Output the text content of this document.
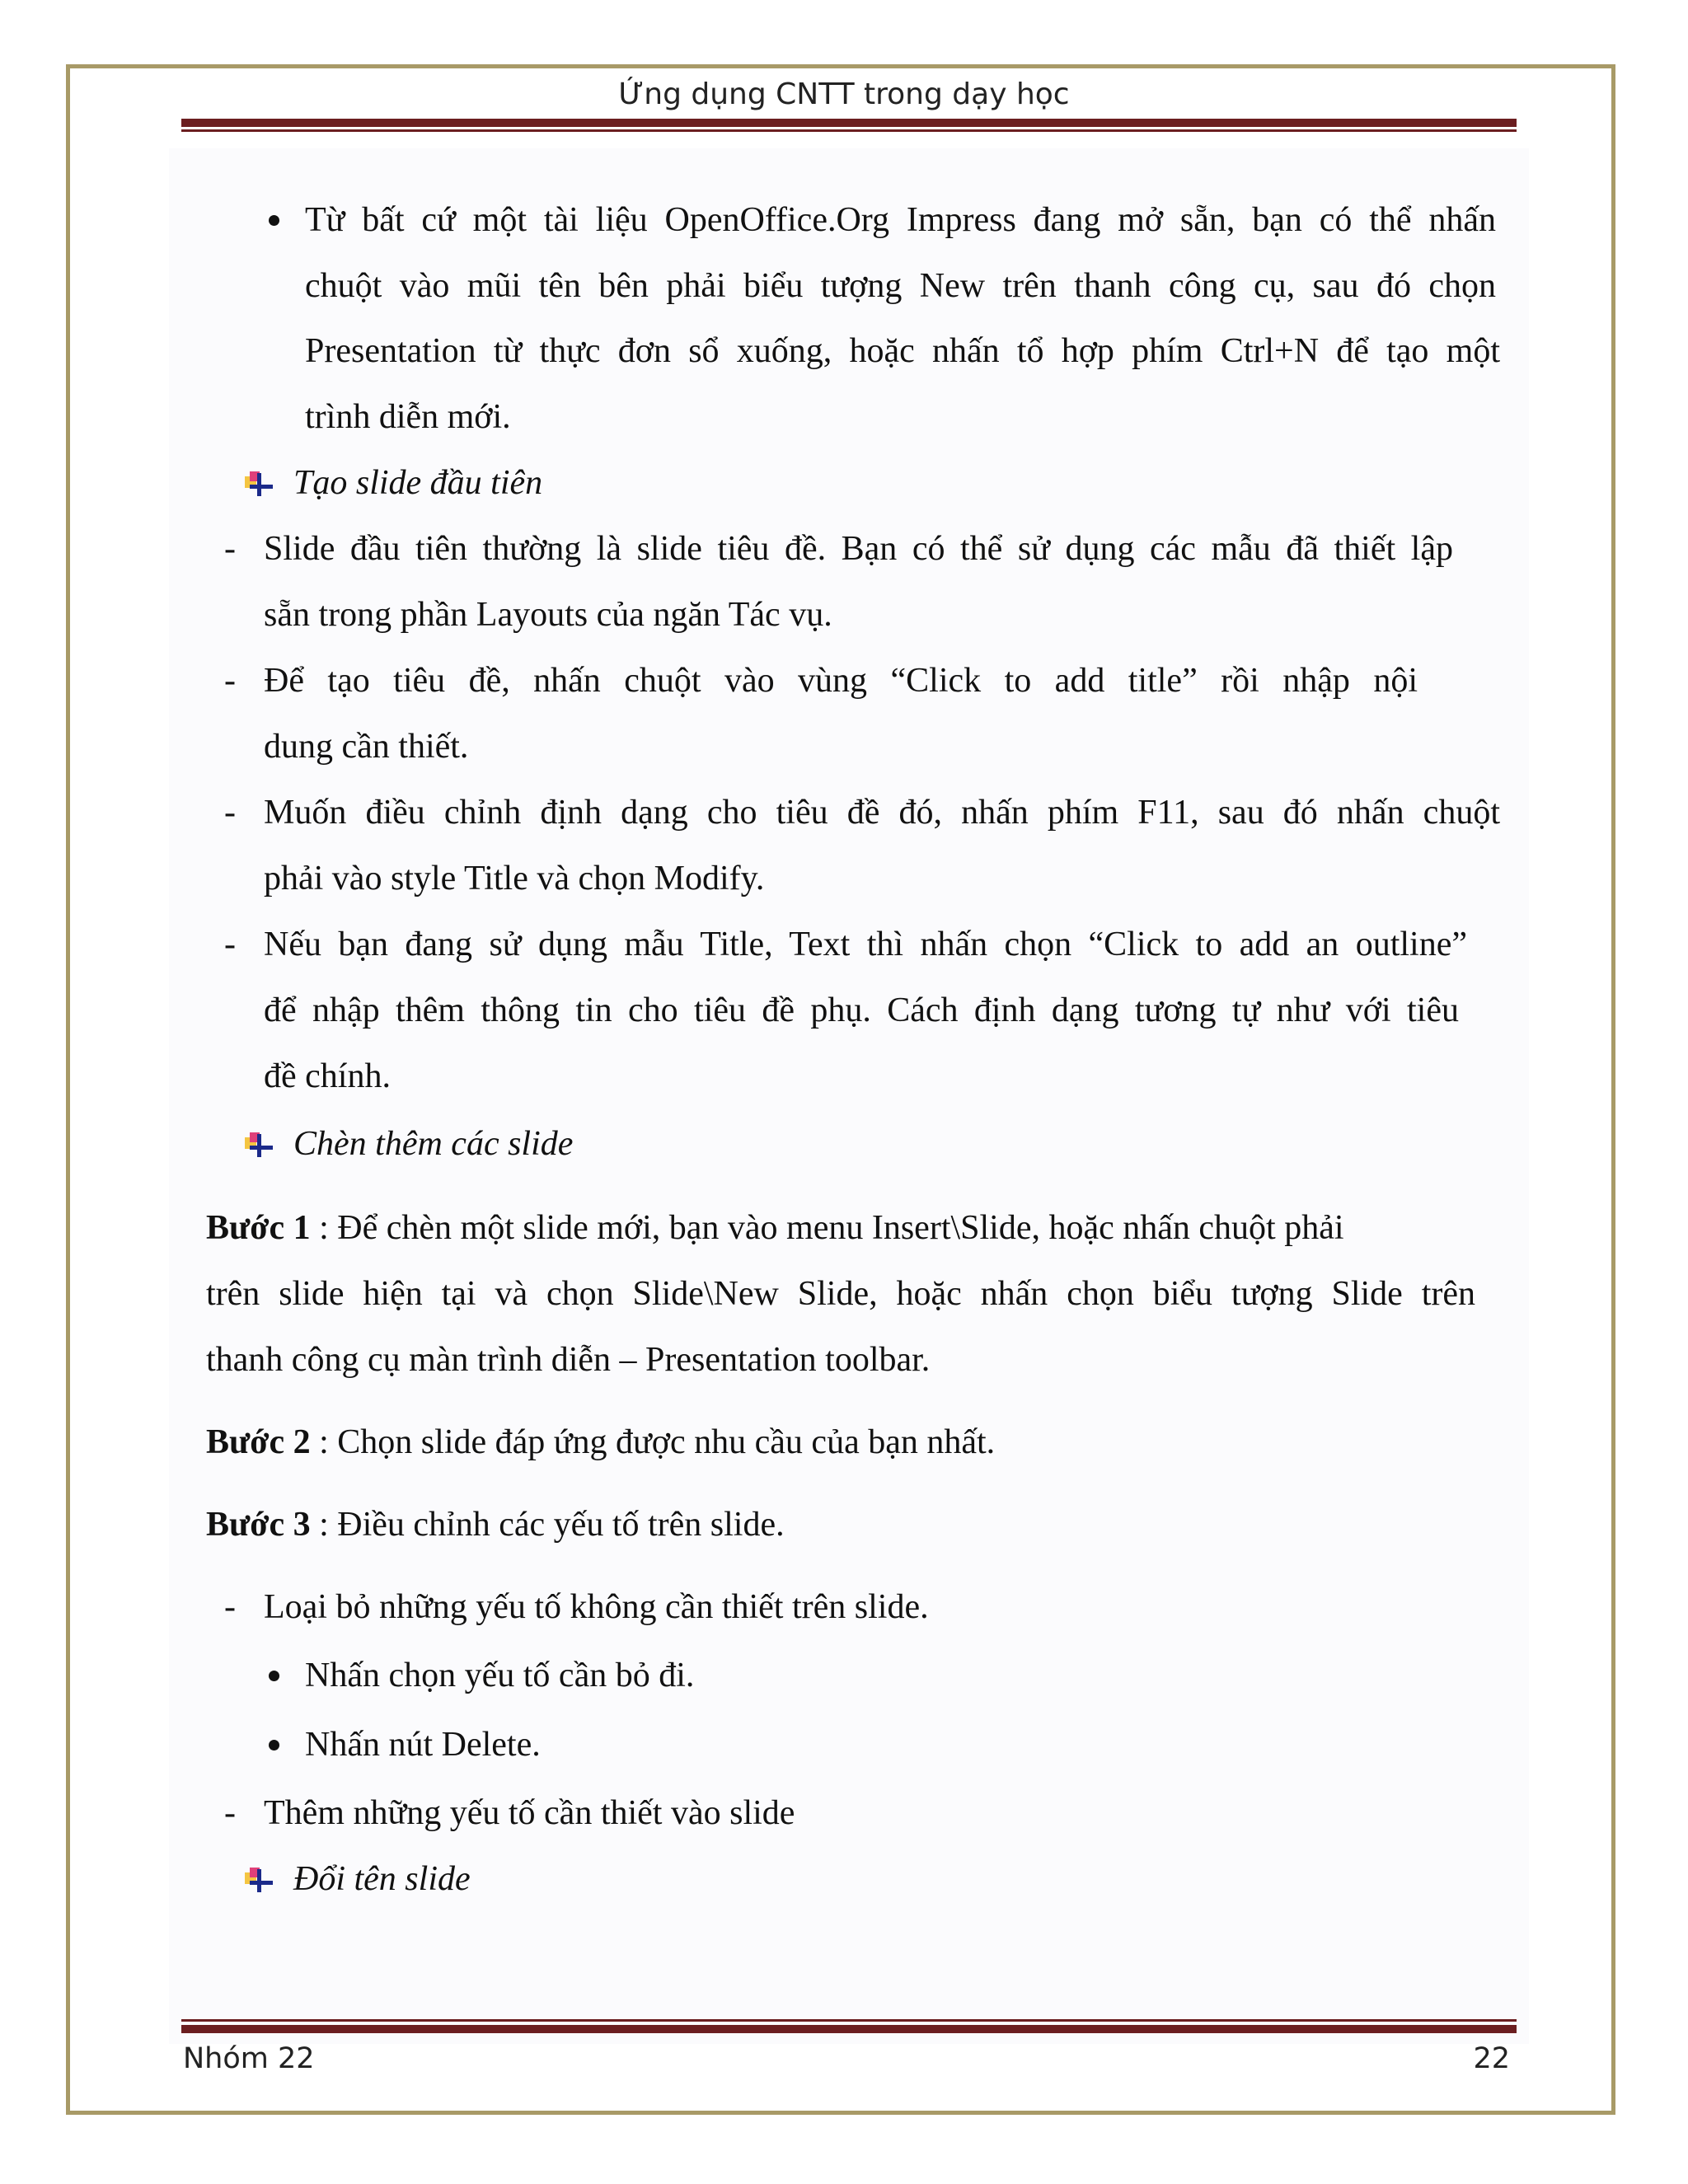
Ứng dụng CNTT trong dạy học
Từ bất cứ một tài liệu OpenOffice.Org Impress đang mở sẵn, bạn có thể nhấn
chuột vào mũi tên bên phải biểu tượng New trên thanh công cụ, sau đó chọn
Presentation từ thực đơn sổ xuống, hoặc nhấn tổ hợp phím Ctrl+N để tạo một
trình diễn mới.
Tạo slide đầu tiên
- Slide đầu tiên thường là slide tiêu đề. Bạn có thể sử dụng các mẫu đã thiết lập
sẵn trong phần Layouts của ngăn Tác vụ.
- Để tạo tiêu đề, nhấn chuột vào vùng “Click to add title” rồi nhập nội
dung cần thiết.
- Muốn điều chỉnh định dạng cho tiêu đề đó, nhấn phím F11, sau đó nhấn chuột
phải vào style Title và chọn Modify.
- Nếu bạn đang sử dụng mẫu Title, Text thì nhấn chọn “Click to add an outline”
để nhập thêm thông tin cho tiêu đề phụ. Cách định dạng tương tự như với tiêu
đề chính.
Chèn thêm các slide
Bước 1 : Để chèn một slide mới, bạn vào menu Insert\Slide, hoặc nhấn chuột phải
trên slide hiện tại và chọn Slide\New Slide, hoặc nhấn chọn biểu tượng Slide trên
thanh công cụ màn trình diễn – Presentation toolbar.
Bước 2 : Chọn slide đáp ứng được nhu cầu của bạn nhất.
Bước 3 : Điều chỉnh các yếu tố trên slide.
- Loại bỏ những yếu tố không cần thiết trên slide.
Nhấn chọn yếu tố cần bỏ đi.
Nhấn nút Delete.
- Thêm những yếu tố cần thiết vào slide
Đổi tên slide
Nhóm 22	22
